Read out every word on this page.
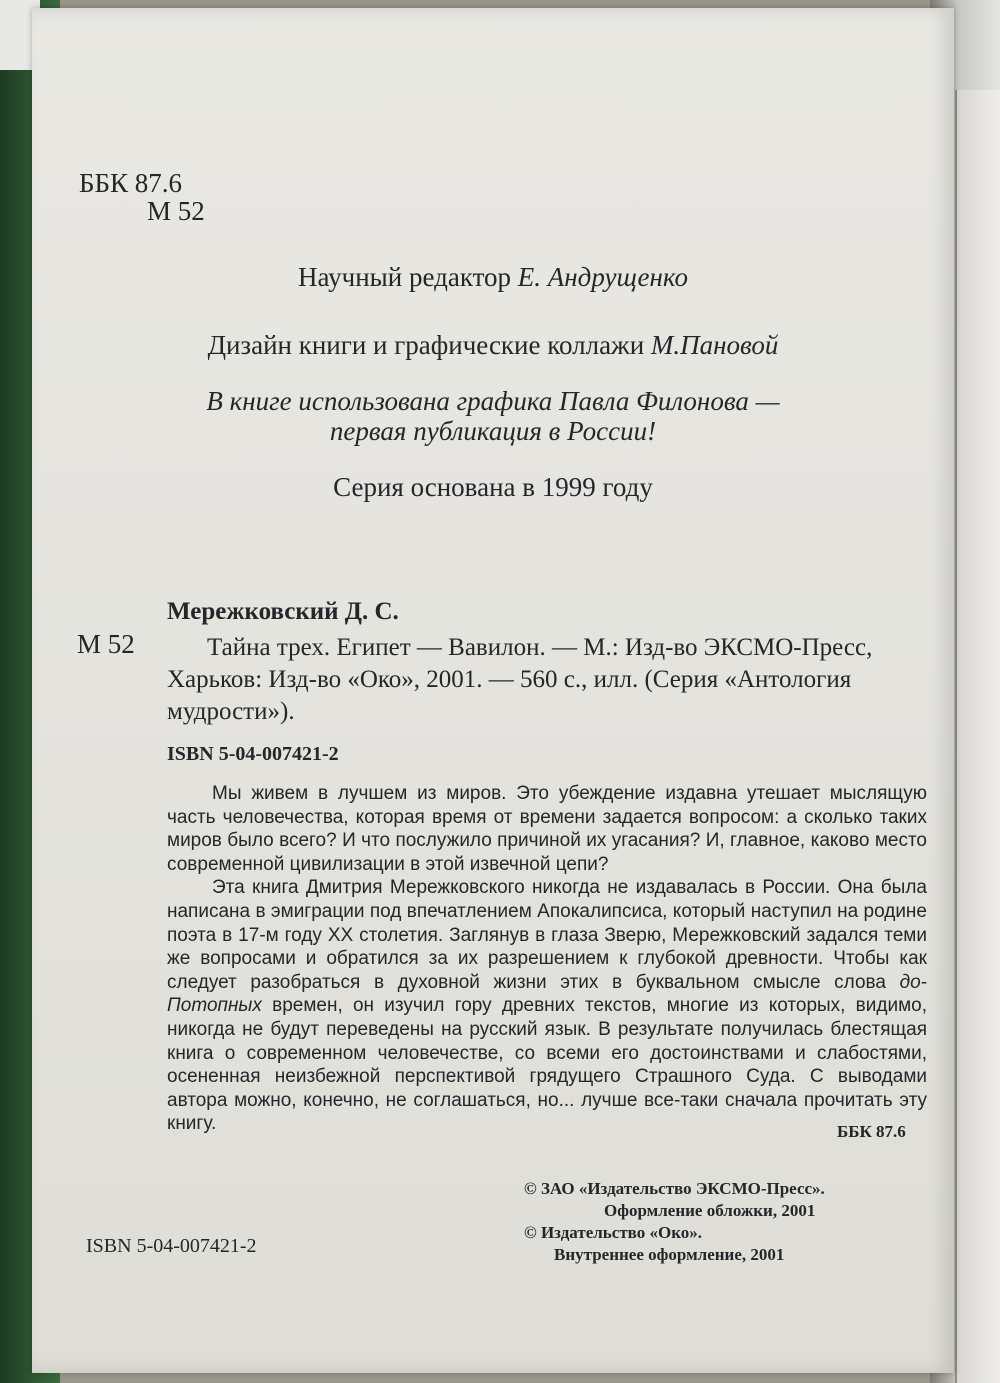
ББК 87.6
М 52
Научный редактор Е. Андрущенко
Дизайн книги и графические коллажи М.Пановой
В книге использована графика Павла Филонова —
первая публикация в России!
Серия основана в 1999 году
Мережковский Д. С.
М 52	Тайна трех. Египет — Вавилон. — М.: Изд-во ЭКСМО-Пресс, Харьков: Изд-во «Око», 2001. — 560 с., илл. (Серия «Антология мудрости»).
ISBN 5-04-007421-2

Мы живем в лучшем из миров. Это убеждение издавна утешает мыслящую часть человечества, которая время от времени задается вопросом: а сколько таких миров было всего? И что послужило причиной их угасания? И, главное, каково место современной цивилизации в этой извечной цепи?

Эта книга Дмитрия Мережковского никогда не издавалась в России. Она была написана в эмиграции под впечатлением Апокалипсиса, который наступил на родине поэта в 17-м году XX столетия. Заглянув в глаза Зверю, Мережковский задался теми же вопросами и обратился за их разрешением к глубокой древности. Чтобы как следует разобраться в духовной жизни этих в буквальном смысле слова до-Потопных времен, он изучил гору древних текстов, многие из которых, видимо, никогда не будут переведены на русский язык. В результате получилась блестящая книга о современном человечестве, со всеми его достоинствами и слабостями, осененная неизбежной перспективой грядущего Страшного Суда. С выводами автора можно, конечно, не соглашаться, но... лучше все-таки сначала прочитать эту книгу.	ББК 87.6
© ЗАО «Издательство ЭКСМО-Пресс».
Оформление обложки, 2001
© Издательство «Око».
Внутреннее оформление, 2001
ISBN 5-04-007421-2
